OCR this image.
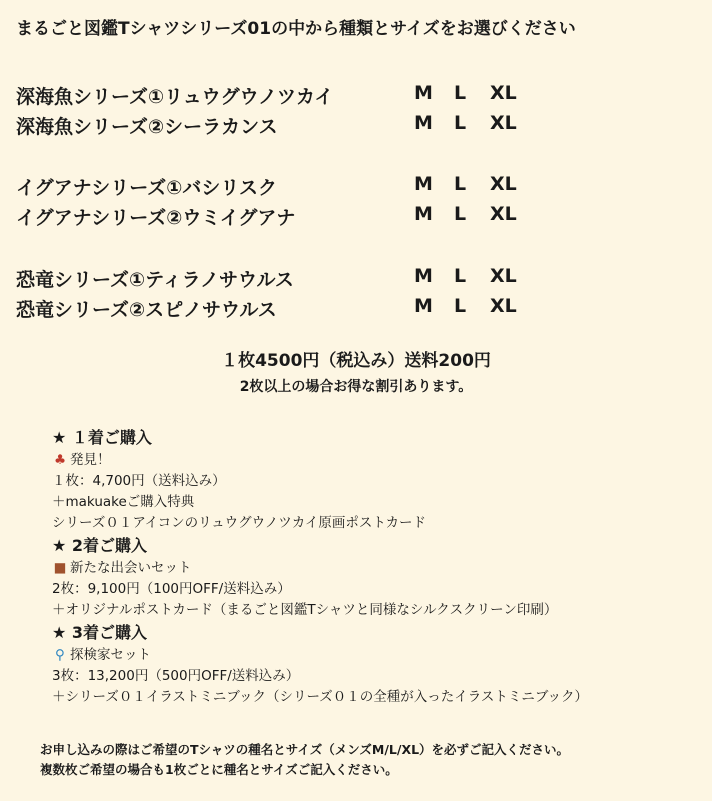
まるごと図鑑Tシャツシリーズ01の中から種類とサイズをお選びください
深海魚シリーズ①リュウグウノツカイ	M L XL
深海魚シリーズ②シーラカンス	M L XL
イグアナシリーズ①バシリスク	M L XL
イグアナシリーズ②ウミイグアナ	M L XL
恐竜シリーズ①ティラノサウルス	M L XL
恐竜シリーズ②スピノサウルス	M L XL
１枚4500円（税込み）送料200円
2枚以上の場合お得な割引あります。
★ １着ご購入
♣ 発見！
１枚：4,700円（送料込み）
＋makuakeご購入特典
シリーズ０１アイコンのリュウグウノツカイ原画ポストカード
★ 2着ご購入
■ 新たな出会いセット
2枚：9,100円（100円OFF/送料込み）
＋オリジナルポストカード（まるごと図鑑Tシャツと同様なシルクスクリーン印刷）
★ 3着ご購入
⚲ 探検家セット
3枚：13,200円（500円OFF/送料込み）
＋シリーズ０１イラストミニブック（シリーズ０１の全種が入ったイラストミニブック）
お申し込みの際はご希望のTシャツの種名とサイズ（メンズM/L/XL）を必ずご記入ください。
複数枚ご希望の場合も1枚ごとに種名とサイズご記入ください。
